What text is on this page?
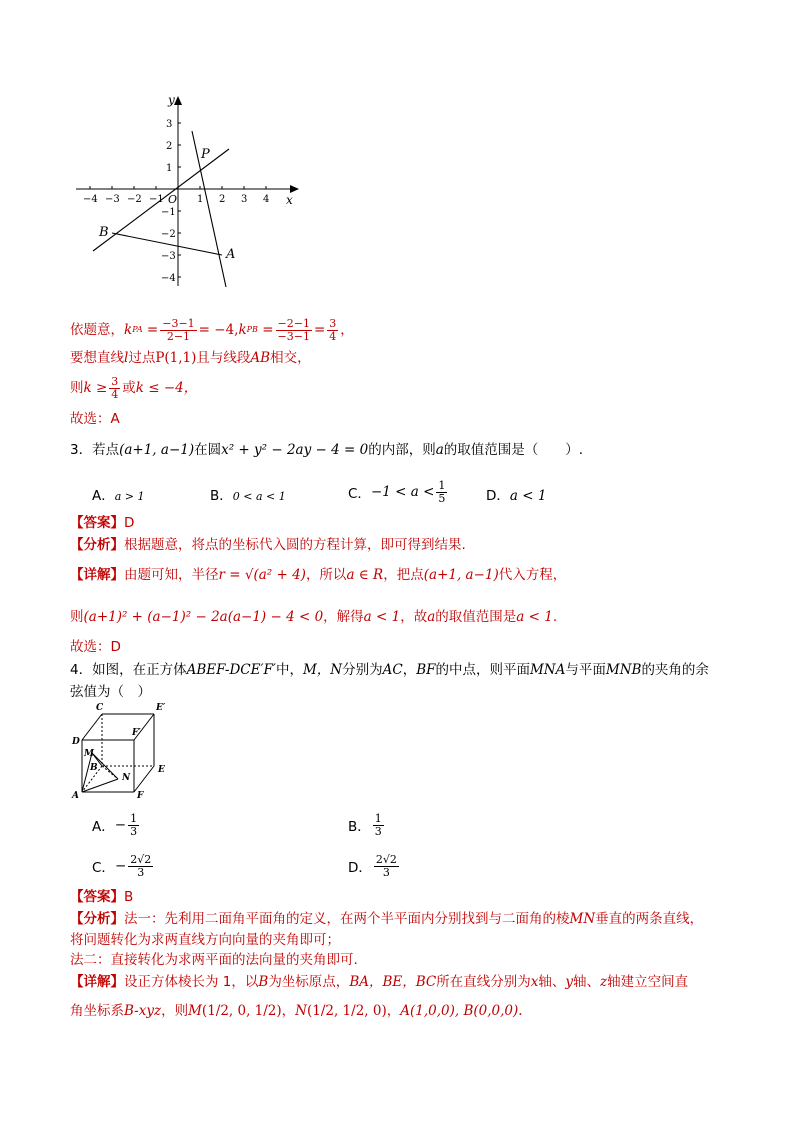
y
x
O
−4 −3 −2 −1	1 2 3 4
3
2
1
−1
−2
−3
−4
P
A
B
依题意， k PA = $\frac{-3-1}{2-1} = -4$, k PB = $\frac{-2-1}{-3-1} = \frac{3}{4}$ ，
要想直线l过点P(1,1)且与线段AB相交，
则 $k \ge \frac{3}{4}$ 或 k ≤ −4，
故选：A
3．若点(a+1, a−1)在圆x² + y² − 2ay − 4 = 0的内部，则a的取值范围是（　　）.
A．a > 1	B．0 < a < 1	C． $-1 < a < \frac{1}{5}$	D．a < 1
【答案】D
【分析】根据题意，将点的坐标代入圆的方程计算，即可得到结果.
【详解】由题可知，半径r = √(a² + 4)，所以a ∈ R，把点(a+1, a−1)代入方程，
则(a+1)² + (a−1)² − 2a(a−1) − 4 < 0，解得a < 1，故a的取值范围是a < 1.
故选：D
4．如图，在正方体ABEF-DCE′F′中，M，N分别为AC，BF的中点，则平面MNA与平面MNB的夹角的余
弦值为（　）
C	E′
D
F′
M
B	E
N
A	F
A． − $\frac{1}{3}$	B． $\frac{1}{3}$
C． − $\frac{2√2}{3}$	D． $\frac{2√2}{3}$
【答案】B
【分析】法一：先利用二面角平面角的定义，在两个半平面内分别找到与二面角的棱MN垂直的两条直线，
将问题转化为求两直线方向向量的夹角即可；
法二：直接转化为求两平面的法向量的夹角即可.
【详解】设正方体棱长为 1，以B为坐标原点，BA，BE，BC所在直线分别为x轴、y轴、z轴建立空间直
角坐标系B-xyz，则M(1/2, 0, 1/2)，N(1/2, 1/2, 0)，A(1,0,0), B(0,0,0).
